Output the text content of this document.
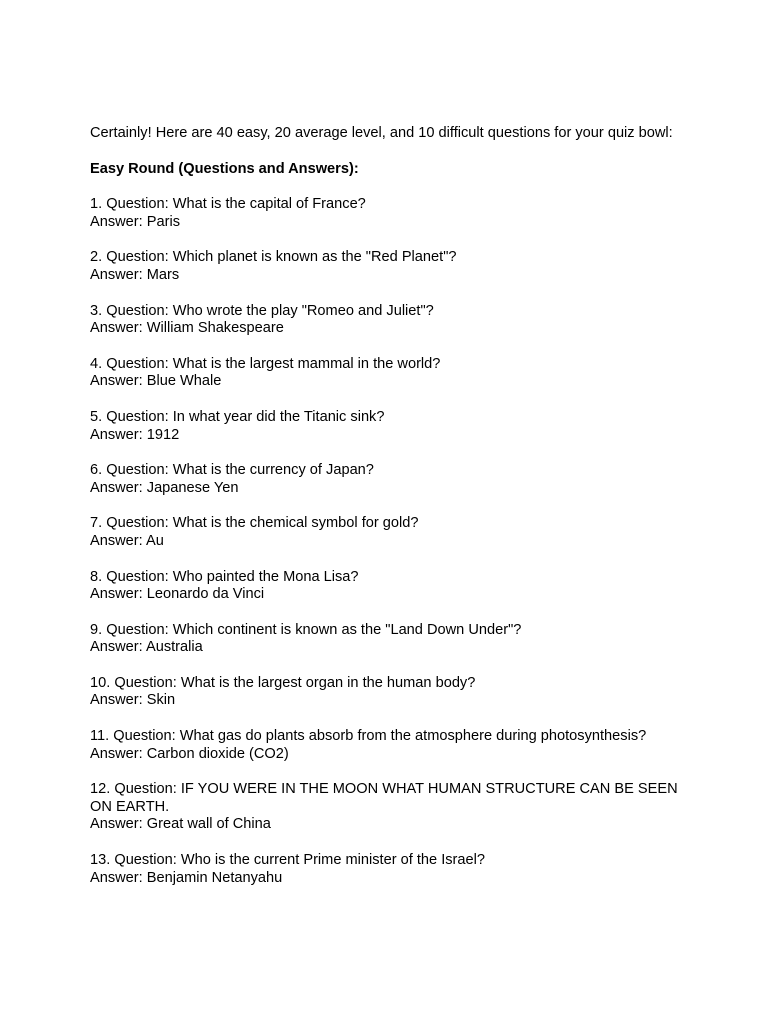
Certainly! Here are 40 easy, 20 average level, and 10 difficult questions for your quiz bowl:

Easy Round (Questions and Answers):

1. Question: What is the capital of France?

Answer: Paris

2. Question: Which planet is known as the "Red Planet"?

Answer: Mars

3. Question: Who wrote the play "Romeo and Juliet"?

Answer: William Shakespeare

4. Question: What is the largest mammal in the world?

Answer: Blue Whale

5. Question: In what year did the Titanic sink?

Answer: 1912

6. Question: What is the currency of Japan?

Answer: Japanese Yen

7. Question: What is the chemical symbol for gold?

Answer: Au

8. Question: Who painted the Mona Lisa?

Answer: Leonardo da Vinci

9. Question: Which continent is known as the "Land Down Under"?

Answer: Australia

10. Question: What is the largest organ in the human body?

Answer: Skin

11. Question: What gas do plants absorb from the atmosphere during photosynthesis?

Answer: Carbon dioxide (CO2)

12. Question: IF YOU WERE IN THE MOON WHAT HUMAN STRUCTURE CAN BE SEEN ON EARTH.

Answer: Great wall of China

13. Question: Who is the current Prime minister of the Israel?

Answer: Benjamin Netanyahu
